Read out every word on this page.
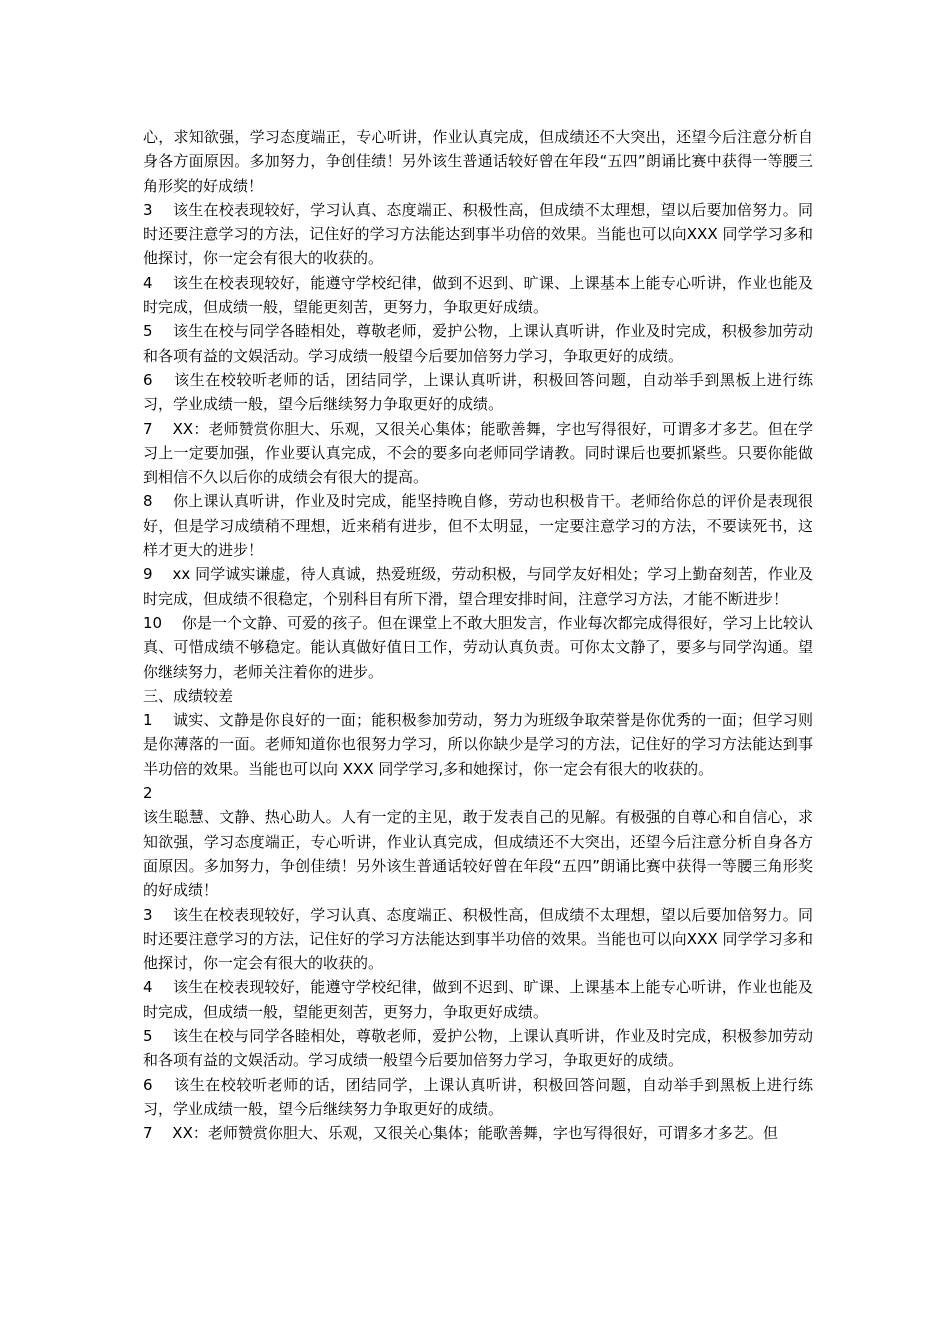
心，求知欲强，学习态度端正，专心听讲，作业认真完成，但成绩还不大突出，还望今后注意分析自身各方面原因。多加努力，争创佳绩！另外该生普通话较好曾在年段“五四”朗诵比赛中获得一等腰三角形奖的好成绩！

3　 该生在校表现较好，学习认真、态度端正、积极性高，但成绩不太理想，望以后要加倍努力。同时还要注意学习的方法，记住好的学习方法能达到事半功倍的效果。当能也可以向XXX 同学学习多和他探讨，你一定会有很大的收获的。

4　 该生在校表现较好，能遵守学校纪律，做到不迟到、旷课、上课基本上能专心听讲，作业也能及时完成，但成绩一般，望能更刻苦，更努力，争取更好成绩。

5　 该生在校与同学各睦相处，尊敬老师，爱护公物，上课认真听讲，作业及时完成，积极参加劳动和各项有益的文娱活动。学习成绩一般望今后要加倍努力学习，争取更好的成绩。

6　 该生在校较听老师的话，团结同学，上课认真听讲，积极回答问题，自动举手到黑板上进行练习，学业成绩一般，望今后继续努力争取更好的成绩。

7　 XX：老师赞赏你胆大、乐观，又很关心集体；能歌善舞，字也写得很好，可谓多才多艺。但在学习上一定要加强，作业要认真完成，不会的要多向老师同学请教。同时课后也要抓紧些。只要你能做到相信不久以后你的成绩会有很大的提高。

8　 你上课认真听讲，作业及时完成，能坚持晚自修，劳动也积极肯干。老师给你总的评价是表现很好，但是学习成绩稍不理想，近来稍有进步，但不太明显，一定要注意学习的方法，不要读死书，这样才更大的进步！

9　 xx 同学诚实谦虚，待人真诚，热爱班级，劳动积极，与同学友好相处；学习上勤奋刻苦，作业及时完成，但成绩不很稳定，个别科目有所下滑，望合理安排时间，注意学习方法，才能不断进步！

10　 你是一个文静、可爱的孩子。但在课堂上不敢大胆发言，作业每次都完成得很好，学习上比较认真、可惜成绩不够稳定。能认真做好值日工作，劳动认真负责。可你太文静了，要多与同学沟通。望你继续努力，老师关注着你的进步。

三、成绩较差

1　 诚实、文静是你良好的一面；能积极参加劳动，努力为班级争取荣誉是你优秀的一面；但学习则是你薄落的一面。老师知道你也很努力学习，所以你缺少是学习的方法，记住好的学习方法能达到事半功倍的效果。当能也可以向 XXX 同学学习,多和她探讨，你一定会有很大的收获的。

2

该生聪慧、文静、热心助人。人有一定的主见，敢于发表自己的见解。有极强的自尊心和自信心，求知欲强，学习态度端正，专心听讲，作业认真完成，但成绩还不大突出，还望今后注意分析自身各方面原因。多加努力，争创佳绩！另外该生普通话较好曾在年段“五四”朗诵比赛中获得一等腰三角形奖的好成绩！

3　 该生在校表现较好，学习认真、态度端正、积极性高，但成绩不太理想，望以后要加倍努力。同时还要注意学习的方法，记住好的学习方法能达到事半功倍的效果。当能也可以向XXX 同学学习多和他探讨，你一定会有很大的收获的。

4　 该生在校表现较好，能遵守学校纪律，做到不迟到、旷课、上课基本上能专心听讲，作业也能及时完成，但成绩一般，望能更刻苦，更努力，争取更好成绩。

5　 该生在校与同学各睦相处，尊敬老师，爱护公物，上课认真听讲，作业及时完成，积极参加劳动和各项有益的文娱活动。学习成绩一般望今后要加倍努力学习，争取更好的成绩。

6　 该生在校较听老师的话，团结同学，上课认真听讲，积极回答问题，自动举手到黑板上进行练习，学业成绩一般，望今后继续努力争取更好的成绩。

7　 XX：老师赞赏你胆大、乐观，又很关心集体；能歌善舞，字也写得很好，可谓多才多艺。但
